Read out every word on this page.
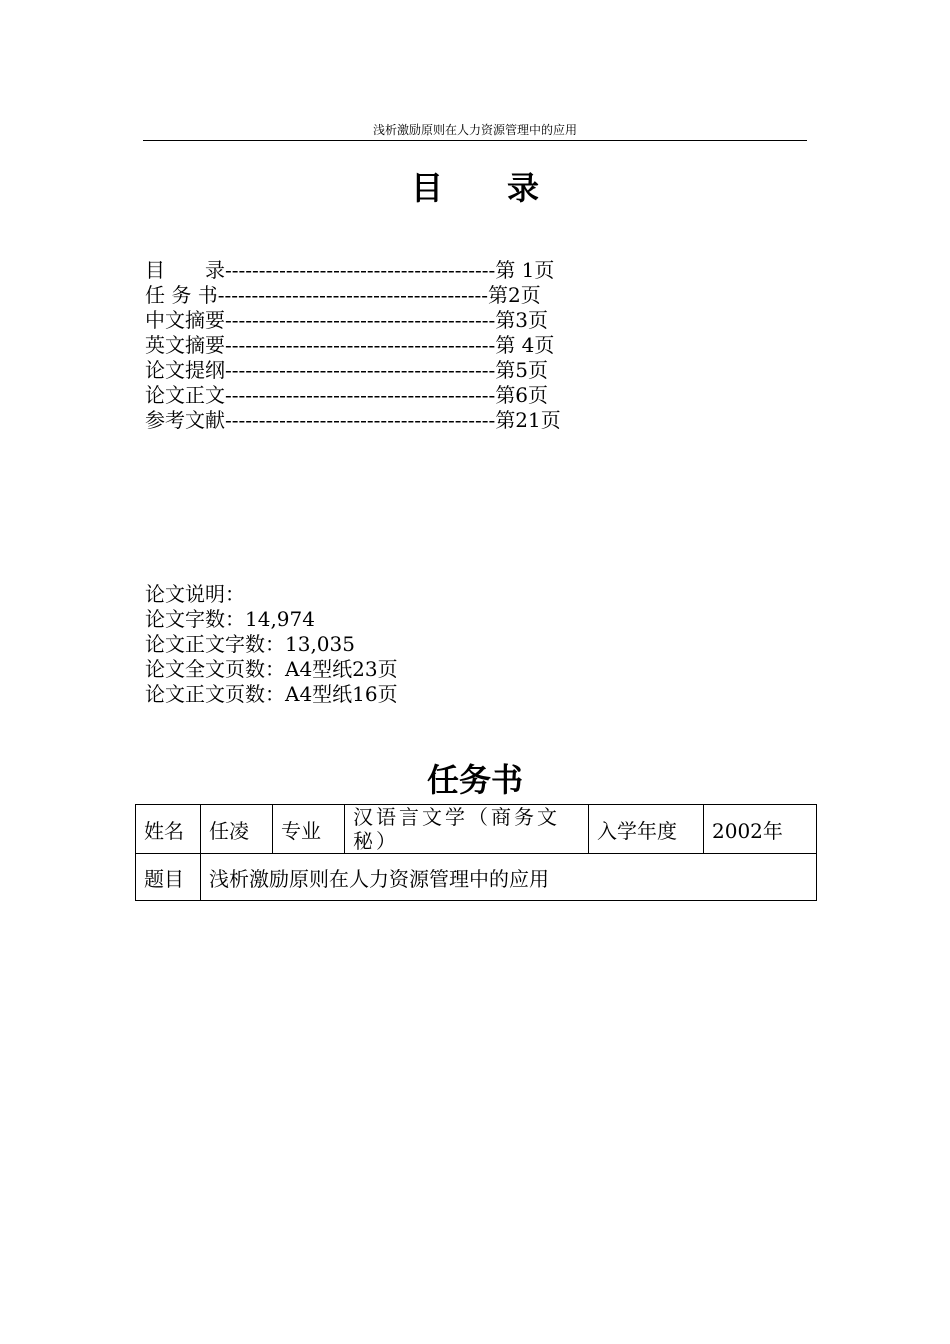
浅析激励原则在人力资源管理中的应用
目录
目　　录----------------------------------------第 1页
任 务 书----------------------------------------第2页
中文摘要----------------------------------------第3页
英文摘要----------------------------------------第 4页
论文提纲----------------------------------------第5页
论文正文----------------------------------------第6页
参考文献----------------------------------------第21页
论文说明：
论文字数：14,974
论文正文字数：13,035
论文全文页数：A4型纸23页
论文正文页数：A4型纸16页
任务书
姓名	任凌	专业	汉语言文学（商务文秘）	入学年度	2002年
题目	浅析激励原则在人力资源管理中的应用				
